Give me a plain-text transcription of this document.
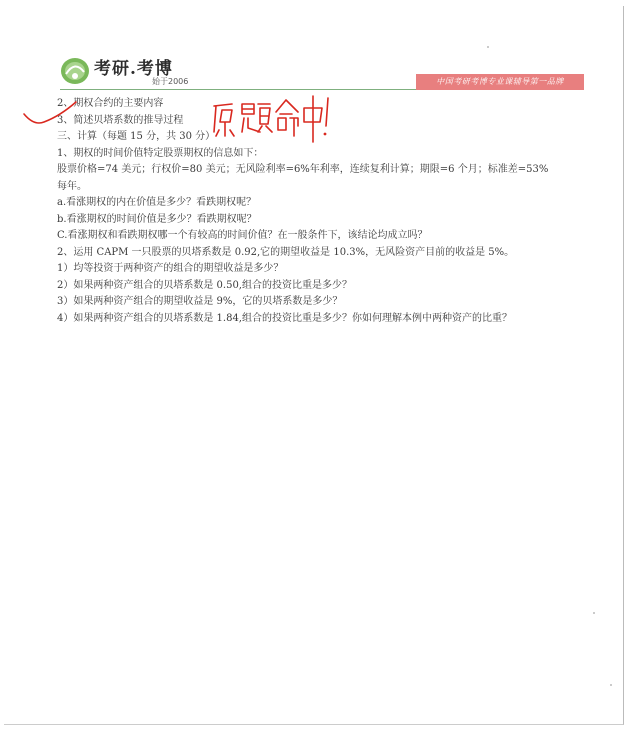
考研.考博
始于2006	中国考研考博专业课辅导第一品牌
2、期权合约的主要内容
3、简述贝塔系数的推导过程
三、计算（每题 15 分，共 30 分）
1、期权的时间价值特定股票期权的信息如下：
股票价格=74 美元；行权价=80 美元；无风险利率=6%年利率，连续复利计算；期限=6 个月；标准差=53%
每年。
a.看涨期权的内在价值是多少？看跌期权呢？
b.看涨期权的时间价值是多少？看跌期权呢？
C.看涨期权和看跌期权哪一个有较高的时间价值？在一般条件下，该结论均成立吗？
2、运用 CAPM 一只股票的贝塔系数是 0.92,它的期望收益是 10.3%，无风险资产目前的收益是 5%。
1）均等投资于两种资产的组合的期望收益是多少？
2）如果两种资产组合的贝塔系数是 0.50,组合的投资比重是多少？
3）如果两种资产组合的期望收益是 9%，它的贝塔系数是多少？
4）如果两种资产组合的贝塔系数是 1.84,组合的投资比重是多少？你如何理解本例中两种资产的比重？
